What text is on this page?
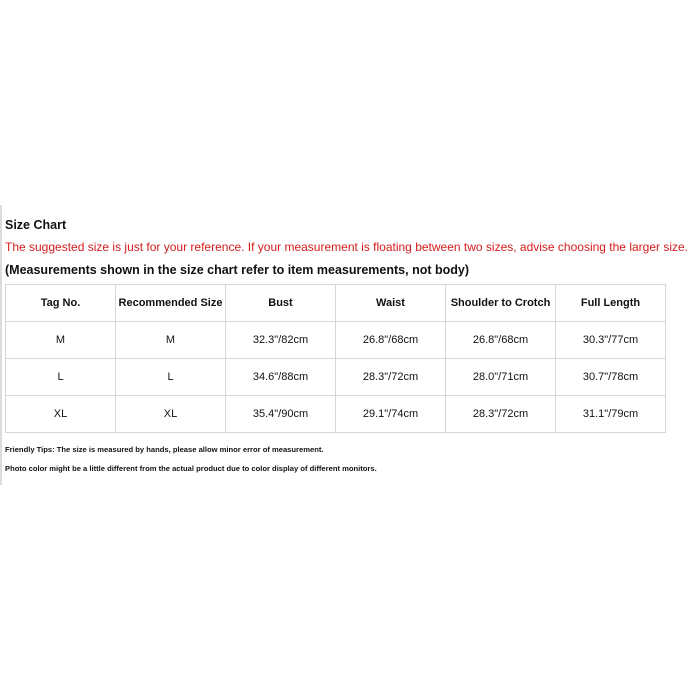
Size Chart
The suggested size is just for your reference. If your measurement is floating between two sizes, advise choosing the larger size.
(Measurements shown in the size chart refer to item measurements, not body)
Tag No.	Recommended Size	Bust	Waist	Shoulder to Crotch	Full Length
M	M	32.3"/82cm	26.8"/68cm	26.8"/68cm	30.3"/77cm
L	L	34.6"/88cm	28.3"/72cm	28.0"/71cm	30.7"/78cm
XL	XL	35.4"/90cm	29.1"/74cm	28.3"/72cm	31.1"/79cm
Friendly Tips: The size is measured by hands, please allow minor error of measurement.
Photo color might be a little different from the actual product due to color display of different monitors.
